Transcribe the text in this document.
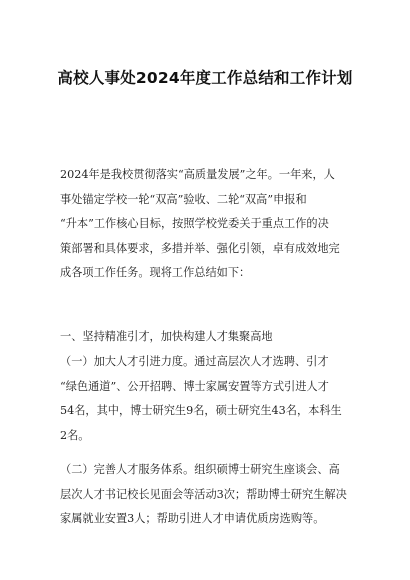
高校人事处2024年度工作总结和工作计划
2024年是我校贯彻落实“高质量发展”之年。一年来，人
事处锚定学校一轮“双高”验收、二轮“双高”申报和
“升本”工作核心目标，按照学校党委关于重点工作的决
策部署和具体要求，多措并举、强化引领，卓有成效地完
成各项工作任务。现将工作总结如下：
一、坚持精准引才，加快构建人才集聚高地
（一）加大人才引进力度。通过高层次人才选聘、引才
“绿色通道”、公开招聘、博士家属安置等方式引进人才
54名，其中，博士研究生9名，硕士研究生43名，本科生
2名。
（二）完善人才服务体系。组织硕博士研究生座谈会、高
层次人才书记校长见面会等活动3次；帮助博士研究生解决
家属就业安置3人；帮助引进人才申请优质房选购等。
